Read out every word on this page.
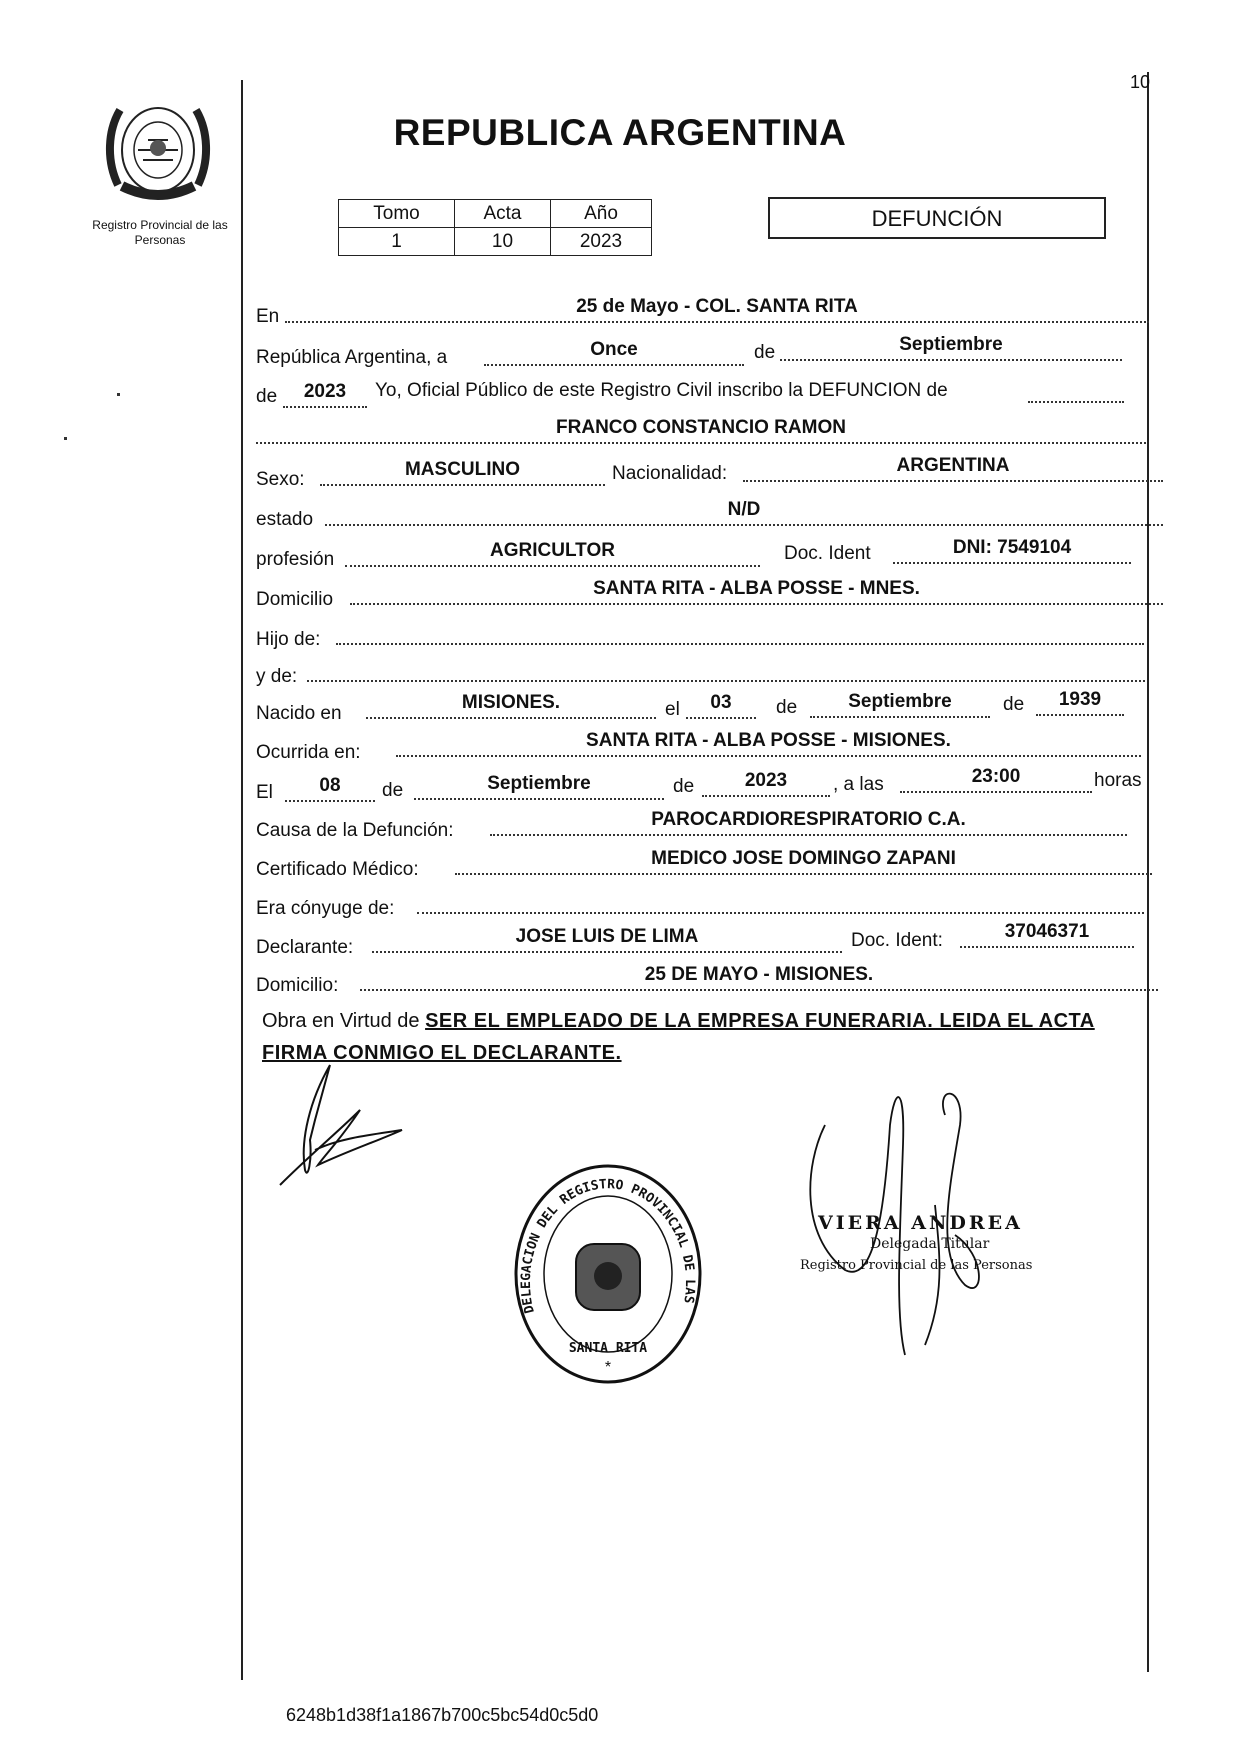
10
Registro Provincial de las Personas
REPUBLICA ARGENTINA
Tomo	Acta	Año
1	10	2023
DEFUNCIÓN
En	25 de Mayo - COL. SANTA RITA
República Argentina, a	Once	de	Septiembre
de	2023	Yo, Oficial Público de este Registro Civil inscribo la DEFUNCION de
FRANCO CONSTANCIO RAMON
Sexo:	MASCULINO	Nacionalidad:	ARGENTINA
estado	N/D
profesión	AGRICULTOR	Doc. Ident	DNI: 7549104
Domicilio
SANTA RITA - ALBA POSSE - MNES.
Hijo de:
y de:
Nacido en
MISIONES.	el	03	de	Septiembre	de	1939
Ocurrida en:
SANTA RITA - ALBA POSSE - MISIONES.
El	08	de	Septiembre	de	2023	, a las	23:00	horas
Causa de la Defunción:
PAROCARDIORESPIRATORIO C.A.
Certificado Médico:
MEDICO JOSE DOMINGO ZAPANI
Era cónyuge de:
Declarante:
JOSE LUIS DE LIMA	Doc. Ident:	37046371
Domicilio:
25 DE MAYO - MISIONES.
Obra en Virtud de SER EL EMPLEADO DE LA EMPRESA FUNERARIA. LEIDA EL ACTA FIRMA CONMIGO EL DECLARANTE.
DELEGACION DEL REGISTRO PROVINCIAL DE LAS
SANTA RITA
*
VIERA ANDREA
Delegada Titular
Registro Provincial de las Personas
6248b1d38f1a1867b700c5bc54d0c5d0
